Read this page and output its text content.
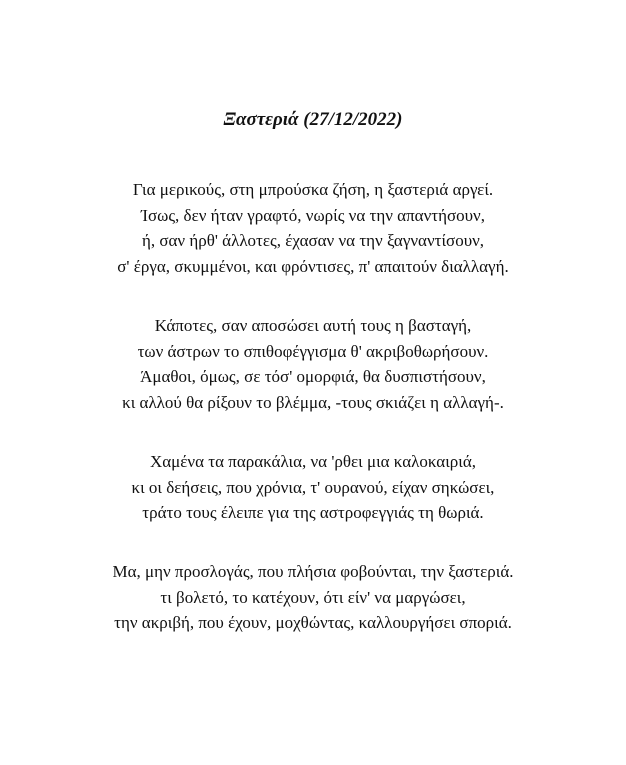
Ξαστεριά (27/12/2022)
Για μερικούς, στη μπρούσκα ζήση, η ξαστεριά αργεί.
Ίσως, δεν ήταν γραφτό, νωρίς να την απαντήσουν,
ή, σαν ήρθ' άλλοτες, έχασαν να την ξαγναντίσουν,
σ' έργα, σκυμμένοι, και φρόντισες, π' απαιτούν διαλλαγή.
Κάποτες, σαν αποσώσει αυτή τους η βασταγή,
των άστρων το σπιθοφέγγισμα θ' ακριβοθωρήσουν.
Άμαθοι, όμως, σε τόσ' ομορφιά, θα δυσπιστήσουν,
κι αλλού θα ρίξουν το βλέμμα, -τους σκιάζει η αλλαγή-.
Χαμένα τα παρακάλια, να 'ρθει μια καλοκαιριά,
κι οι δεήσεις, που χρόνια, τ' ουρανού, είχαν σηκώσει,
τράτο τους έλειπε για της αστροφεγγιάς τη θωριά.
Μα, μην προσλογάς, που πλήσια φοβούνται, την ξαστεριά.
τι βολετό, το κατέχουν, ότι είν' να μαργώσει,
την ακριβή, που έχουν, μοχθώντας, καλλουργήσει σποριά.
